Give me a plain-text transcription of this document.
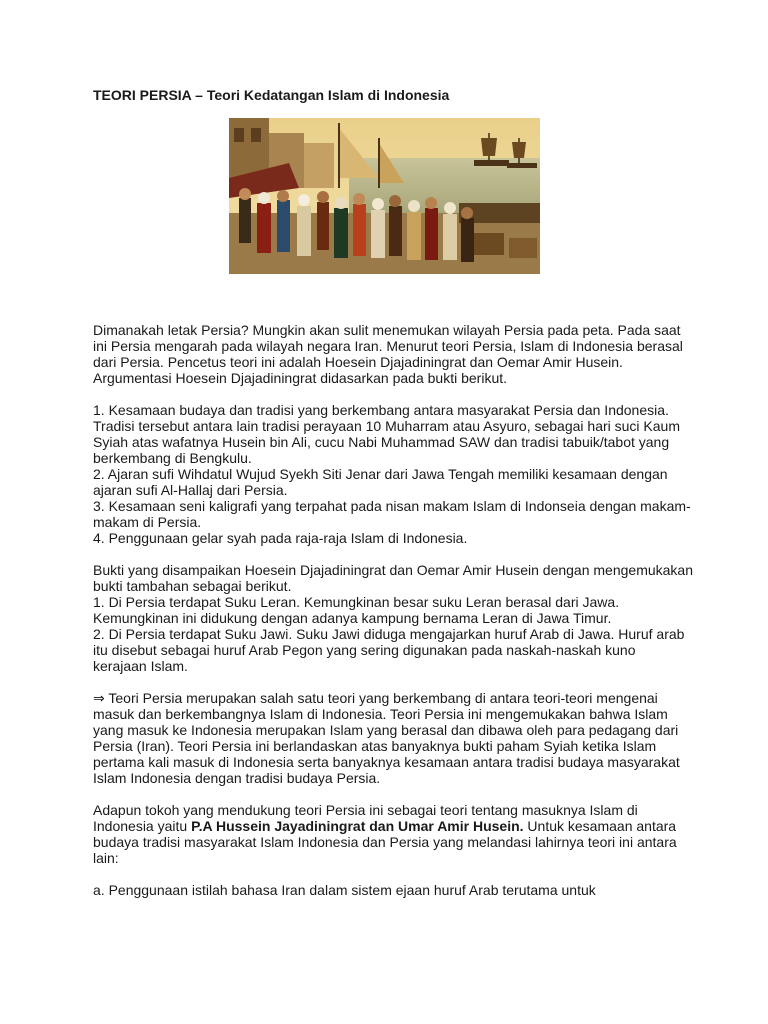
TEORI PERSIA – Teori Kedatangan Islam di Indonesia

Dimanakah letak Persia? Mungkin akan sulit menemukan wilayah Persia pada peta. Pada saat ini Persia mengarah pada wilayah negara Iran. Menurut teori Persia, Islam di Indonesia berasal dari Persia. Pencetus teori ini adalah Hoesein Djajadiningrat dan Oemar Amir Husein. Argumentasi Hoesein Djajadiningrat didasarkan pada bukti berikut.

1. Kesamaan budaya dan tradisi yang berkembang antara masyarakat Persia dan Indonesia. Tradisi tersebut antara lain tradisi perayaan 10 Muharram atau Asyuro, sebagai hari suci Kaum Syiah atas wafatnya Husein bin Ali, cucu Nabi Muhammad SAW dan tradisi tabuik/tabot yang berkembang di Bengkulu.

2. Ajaran sufi Wihdatul Wujud Syekh Siti Jenar dari Jawa Tengah memiliki kesamaan dengan ajaran sufi Al-Hallaj dari Persia.

3. Kesamaan seni kaligrafi yang terpahat pada nisan makam Islam di Indonseia dengan makam-makam di Persia.

4. Penggunaan gelar syah pada raja-raja Islam di Indonesia.

Bukti yang disampaikan Hoesein Djajadiningrat dan Oemar Amir Husein dengan mengemukakan bukti tambahan sebagai berikut.

1. Di Persia terdapat Suku Leran. Kemungkinan besar suku Leran berasal dari Jawa. Kemungkinan ini didukung dengan adanya kampung bernama Leran di Jawa Timur.

2. Di Persia terdapat Suku Jawi. Suku Jawi diduga mengajarkan huruf Arab di Jawa. Huruf arab itu disebut sebagai huruf Arab Pegon yang sering digunakan pada naskah-naskah kuno kerajaan Islam.

⇒ Teori Persia merupakan salah satu teori yang berkembang di antara teori-teori mengenai masuk dan berkembangnya Islam di Indonesia. Teori Persia ini mengemukakan bahwa Islam yang masuk ke Indonesia merupakan Islam yang berasal dan dibawa oleh para pedagang dari Persia (Iran). Teori Persia ini berlandaskan atas banyaknya bukti paham Syiah ketika Islam pertama kali masuk di Indonesia serta banyaknya kesamaan antara tradisi budaya masyarakat Islam Indonesia dengan tradisi budaya Persia.

Adapun tokoh yang mendukung teori Persia ini sebagai teori tentang masuknya Islam di Indonesia yaitu P.A Hussein Jayadiningrat dan Umar Amir Husein. Untuk kesamaan antara budaya tradisi masyarakat Islam Indonesia dan Persia yang melandasi lahirnya teori ini antara lain:

a. Penggunaan istilah bahasa Iran dalam sistem ejaan huruf Arab terutama untuk
